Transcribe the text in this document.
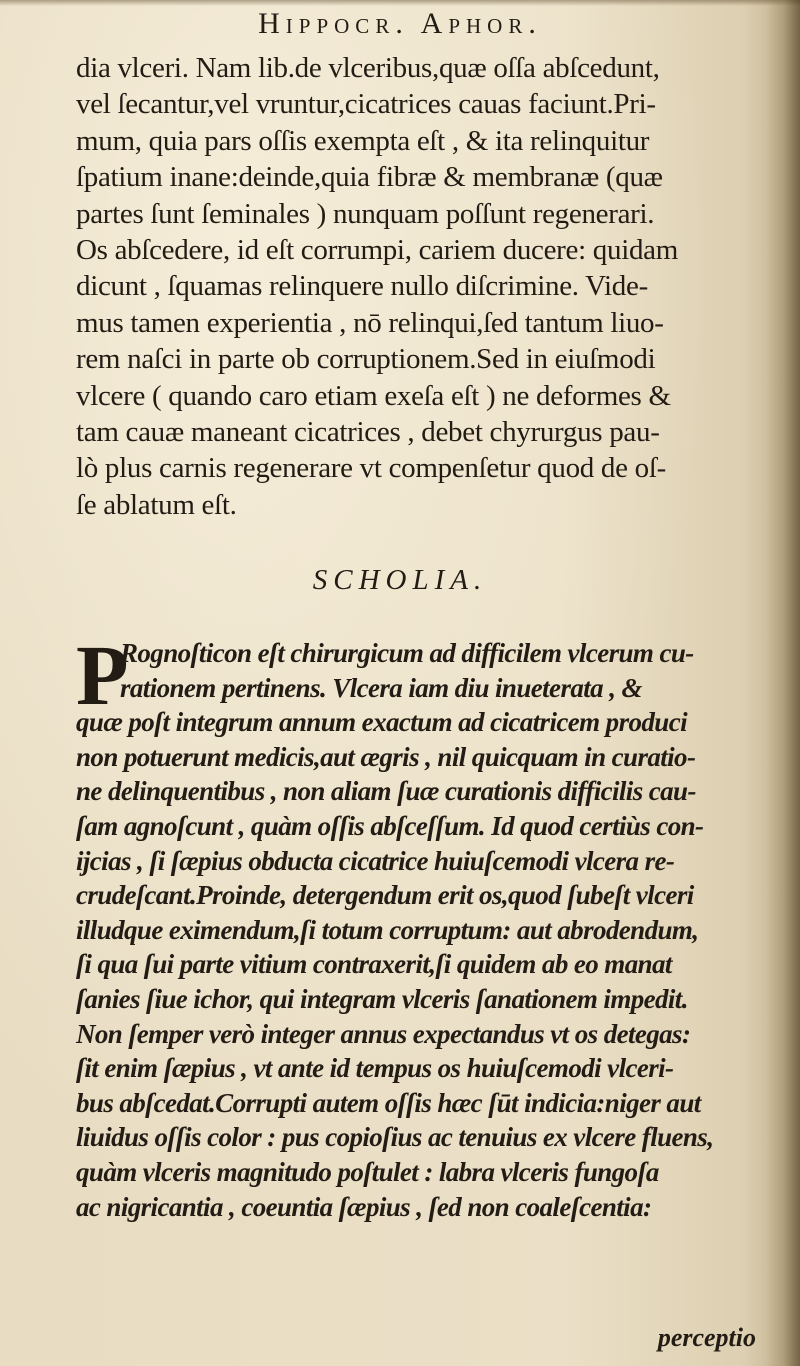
Hippocr. Aphor.

dia vlceri. Nam lib.de vlceribus,quæ oſſa abſcedunt,

vel ſecantur,vel vruntur,cicatrices cauas faciunt.Pri-

mum, quia pars oſſis exempta eſt , & ita relinquitur

ſpatium inane:deinde,quia fibræ & membranæ (quæ

partes ſunt ſeminales ) nunquam poſſunt regenerari.

Os abſcedere, id eſt corrumpi, cariem ducere: quidam

dicunt , ſquamas relinquere nullo diſcrimine. Vide-

mus tamen experientia , nō relinqui,ſed tantum liuo-

rem naſci in parte ob corruptionem.Sed in eiuſmodi

vlcere ( quando caro etiam exeſa eſt ) ne deformes &

tam cauæ maneant cicatrices , debet chyrurgus pau-

lò plus carnis regenerare vt compenſetur quod de oſ-

ſe ablatum eſt.

SCHOLIA.
P

Rognoſticon eſt chirurgicum ad difficilem vlcerum cu-

rationem pertinens. Vlcera iam diu inueterata , &

quæ poſt integrum annum exactum ad cicatricem produci

non potuerunt medicis,aut ægris , nil quicquam in curatio-

ne delinquentibus , non aliam ſuæ curationis difficilis cau-

ſam agnoſcunt , quàm oſſis abſceſſum. Id quod certiùs con-

ijcias , ſi ſæpius obducta cicatrice huiuſcemodi vlcera re-

crudeſcant.Proinde, detergendum erit os,quod ſubeſt vlceri

illudque eximendum,ſi totum corruptum: aut abrodendum,

ſi qua ſui parte vitium contraxerit,ſi quidem ab eo manat

ſanies ſiue ichor, qui integram vlceris ſanationem impedit.

Non ſemper verò integer annus expectandus vt os detegas:

ſit enim ſæpius , vt ante id tempus os huiuſcemodi vlceri-

bus abſcedat.Corrupti autem oſſis hæc ſūt indicia:niger aut

liuidus oſſis color : pus copioſius ac tenuius ex vlcere fluens,

quàm vlceris magnitudo poſtulet : labra vlceris fungoſa

ac nigricantia , coeuntia ſæpius , ſed non coaleſcentia:

perceptio
